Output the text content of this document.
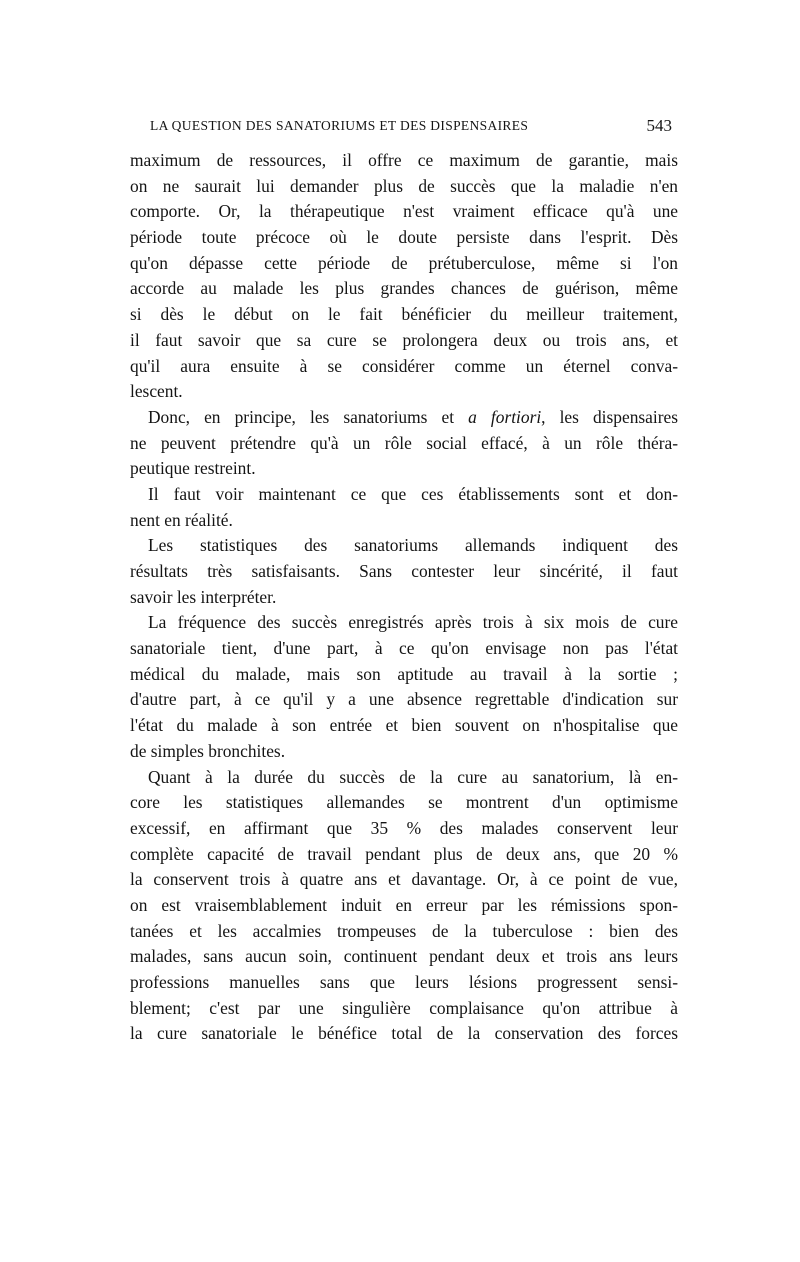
LA QUESTION DES SANATORIUMS ET DES DISPENSAIRES	543
maximum de ressources, il offre ce maximum de garantie, mais
on ne saurait lui demander plus de succès que la maladie n'en
comporte. Or, la thérapeutique n'est vraiment efficace qu'à une
période toute précoce où le doute persiste dans l'esprit. Dès
qu'on dépasse cette période de prétuberculose, même si l'on
accorde au malade les plus grandes chances de guérison, même
si dès le début on le fait bénéficier du meilleur traitement,
il faut savoir que sa cure se prolongera deux ou trois ans, et
qu'il aura ensuite à se considérer comme un éternel conva-
lescent.
Donc, en principe, les sanatoriums et a fortiori, les dispensaires
ne peuvent prétendre qu'à un rôle social effacé, à un rôle théra-
peutique restreint.
Il faut voir maintenant ce que ces établissements sont et don-
nent en réalité.
Les statistiques des sanatoriums allemands indiquent des
résultats très satisfaisants. Sans contester leur sincérité, il faut
savoir les interpréter.
La fréquence des succès enregistrés après trois à six mois de cure
sanatoriale tient, d'une part, à ce qu'on envisage non pas l'état
médical du malade, mais son aptitude au travail à la sortie ;
d'autre part, à ce qu'il y a une absence regrettable d'indication sur
l'état du malade à son entrée et bien souvent on n'hospitalise que
de simples bronchites.
Quant à la durée du succès de la cure au sanatorium, là en-
core les statistiques allemandes se montrent d'un optimisme
excessif, en affirmant que 35 % des malades conservent leur
complète capacité de travail pendant plus de deux ans, que 20 %
la conservent trois à quatre ans et davantage. Or, à ce point de vue,
on est vraisemblablement induit en erreur par les rémissions spon-
tanées et les accalmies trompeuses de la tuberculose : bien des
malades, sans aucun soin, continuent pendant deux et trois ans leurs
professions manuelles sans que leurs lésions progressent sensi-
blement; c'est par une singulière complaisance qu'on attribue à
la cure sanatoriale le bénéfice total de la conservation des forces
